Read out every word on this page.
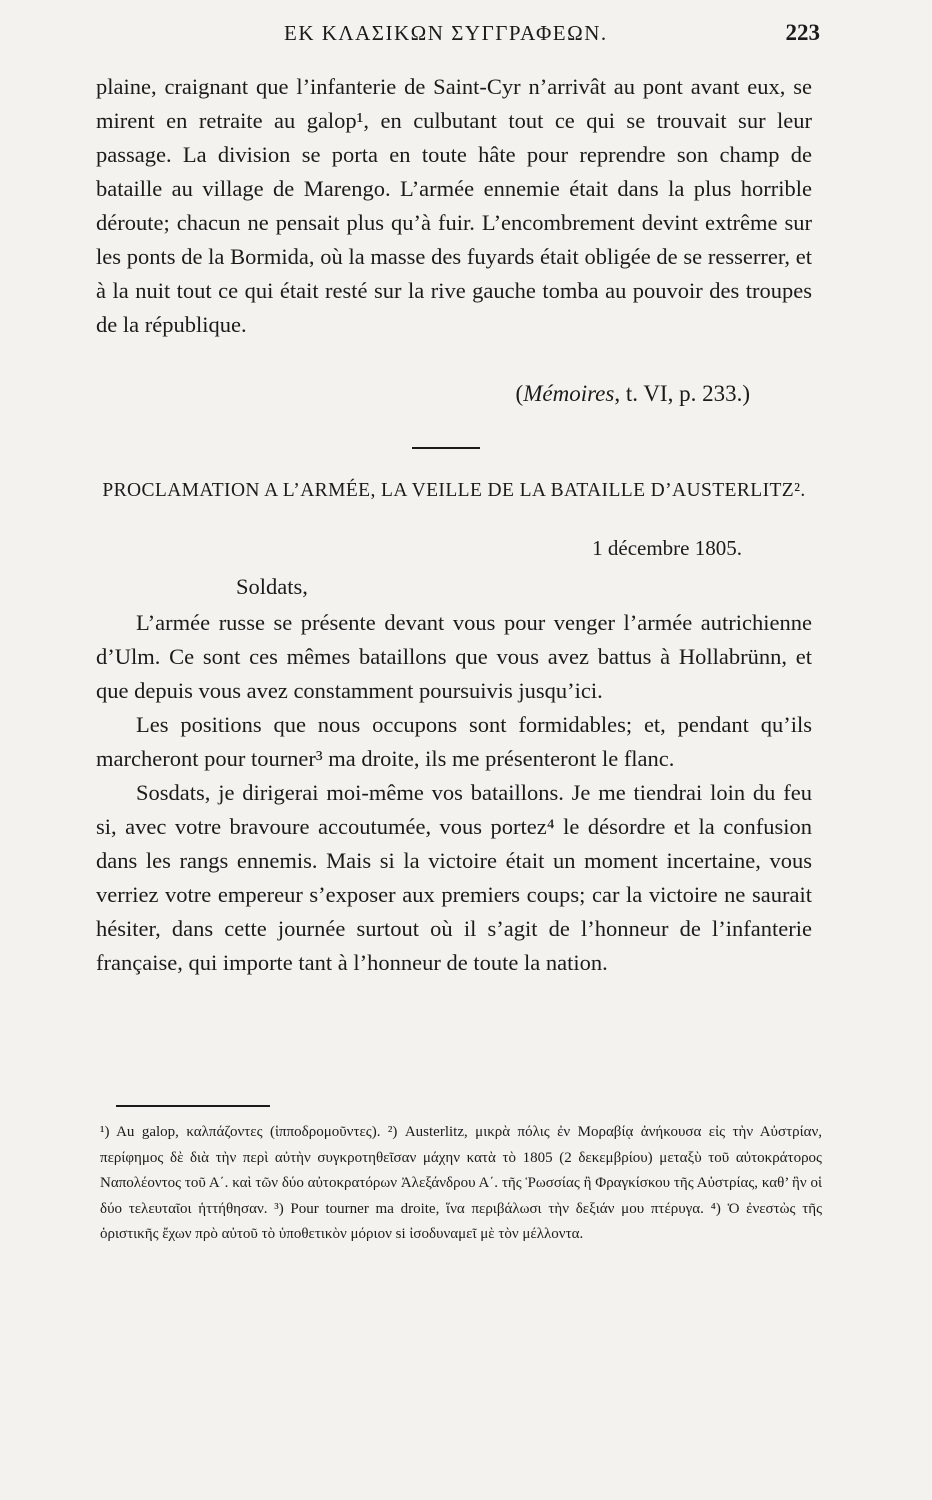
ΕΚ ΚΛΑΣΙΚΩΝ ΣΥΓΓΡΑΦΕΩΝ.	223

plaine, craignant que l’infanterie de Saint-Cyr n’arrivât au pont avant eux, se mirent en retraite au galop¹, en culbutant tout ce qui se trouvait sur leur passage. La division se porta en toute hâte pour reprendre son champ de bataille au village de Marengo. L’armée ennemie était dans la plus horrible déroute; chacun ne pensait plus qu’à fuir. L’encombrement devint extrême sur les ponts de la Bormida, où la masse des fuyards était obligée de se resserrer, et à la nuit tout ce qui était resté sur la rive gauche tomba au pouvoir des troupes de la république.

(Mémoires, t. VI, p. 233.)
PROCLAMATION A L’ARMÉE, LA VEILLE DE LA BATAILLE D’AUSTERLITZ².
1 décembre 1805.
Soldats,

L’armée russe se présente devant vous pour venger l’armée autrichienne d’Ulm. Ce sont ces mêmes bataillons que vous avez battus à Hollabrünn, et que depuis vous avez constamment poursuivis jusqu’ici.

Les positions que nous occupons sont formidables; et, pendant qu’ils marcheront pour tourner³ ma droite, ils me présenteront le flanc.

Sosdats, je dirigerai moi-même vos bataillons. Je me tiendrai loin du feu si, avec votre bravoure accoutumée, vous portez⁴ le désordre et la confusion dans les rangs ennemis. Mais si la victoire était un moment incertaine, vous verriez votre empereur s’exposer aux premiers coups; car la victoire ne saurait hésiter, dans cette journée surtout où il s’agit de l’honneur de l’infanterie française, qui importe tant à l’honneur de toute la nation.

¹) Au galop, καλπάζοντες (ἱπποδρομοῦντες). ²) Austerlitz, μικρὰ πόλις ἐν Μοραβίᾳ ἀνήκουσα εἰς τὴν Αὐστρίαν, περίφημος δὲ διὰ τὴν περὶ αὐτὴν συγκροτηθεῖσαν μάχην κατὰ τὸ 1805 (2 δεκεμβρίου) μεταξὺ τοῦ αὐτοκράτορος Ναπολέοντος τοῦ Α΄. καὶ τῶν δύο αὐτοκρατόρων Ἀλεξάνδρου Α΄. τῆς Ῥωσσίας ἢ Φραγκίσκου τῆς Αὐστρίας, καθ’ ἣν οἱ δύο τελευταῖοι ἡττήθησαν. ³) Pour tourner ma droite, ἵνα περιβάλωσι τὴν δεξιάν μου πτέρυγα. ⁴) Ὁ ἐνεστὼς τῆς ὁριστικῆς ἔχων πρὸ αὐτοῦ τὸ ὑποθετικὸν μόριον si ἰσοδυναμεῖ μὲ τὸν μέλλοντα.
